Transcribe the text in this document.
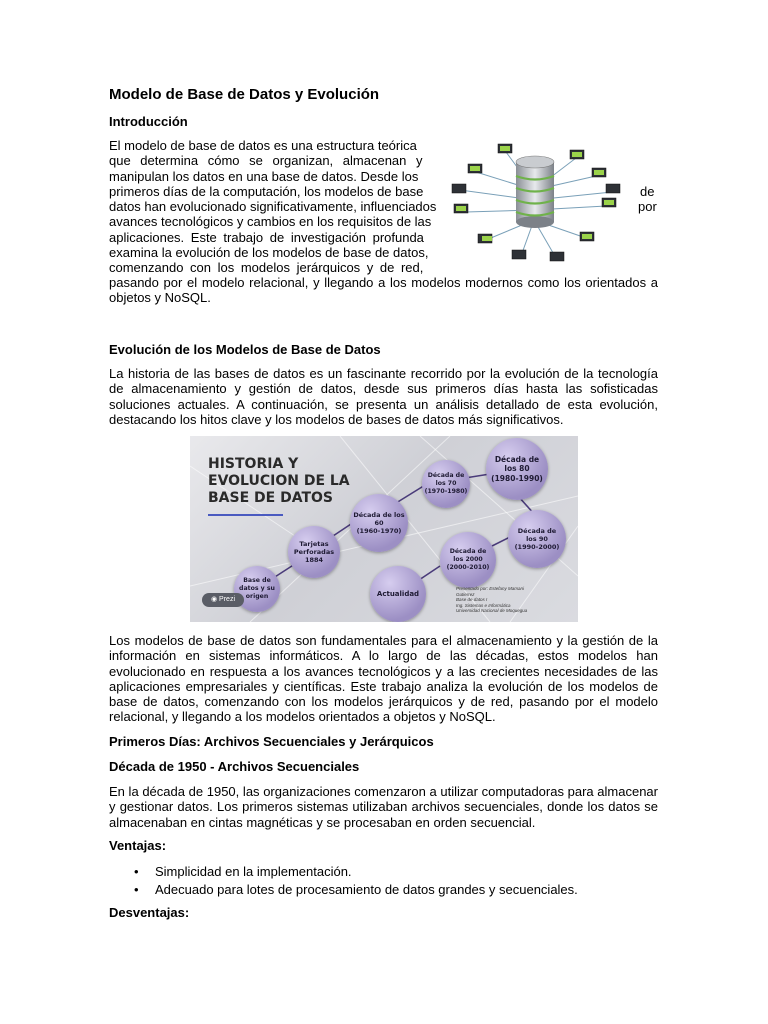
Modelo de Base de Datos y Evolución
Introducción
El modelo de base de datos es una estructura teórica
que determina cómo se organizan, almacenan y
manipulan los datos en una base de datos. Desde los
primeros días de la computación, los modelos de base
datos han evolucionado significativamente, influenciados
avances tecnológicos y cambios en los requisitos de las
aplicaciones. Este trabajo de investigación profunda
examina la evolución de los modelos de base de datos,
comenzando con los modelos jerárquicos y de red,
de
por
pasando por el modelo relacional, y llegando a los modelos modernos como los orientados a objetos y NoSQL.
Evolución de los Modelos de Base de Datos
La historia de las bases de datos es un fascinante recorrido por la evolución de la tecnología de almacenamiento y gestión de datos, desde sus primeros días hasta las sofisticadas soluciones actuales. A continuación, se presenta un análisis detallado de esta evolución, destacando los hitos clave y los modelos de bases de datos más significativos.
HISTORIA Y
EVOLUCION DE LA
BASE DE DATOS
Base de
datos y su
origen
Tarjetas
Perforadas
1884
Década de los
60
(1960-1970)
Década de
los 70
(1970-1980)
Década de
los 80
(1980-1990)
Década de
los 90
(1990-2000)
Década de
los 2000
(2000-2010)
Actualidad
Presentado por: Estefany Mamani
Gutierrez
Base de datos I
Ing. Sistemas e Informática
Universidad Nacional de Moquegua
◉ Prezi
Los modelos de base de datos son fundamentales para el almacenamiento y la gestión de la información en sistemas informáticos. A lo largo de las décadas, estos modelos han evolucionado en respuesta a los avances tecnológicos y a las crecientes necesidades de las aplicaciones empresariales y científicas. Este trabajo analiza la evolución de los modelos de base de datos, comenzando con los modelos jerárquicos y de red, pasando por el modelo relacional, y llegando a los modelos orientados a objetos y NoSQL.
Primeros Días: Archivos Secuenciales y Jerárquicos
Década de 1950 - Archivos Secuenciales
En la década de 1950, las organizaciones comenzaron a utilizar computadoras para almacenar y gestionar datos. Los primeros sistemas utilizaban archivos secuenciales, donde los datos se almacenaban en cintas magnéticas y se procesaban en orden secuencial.
Ventajas:
• Simplicidad en la implementación.
• Adecuado para lotes de procesamiento de datos grandes y secuenciales.
Desventajas:
